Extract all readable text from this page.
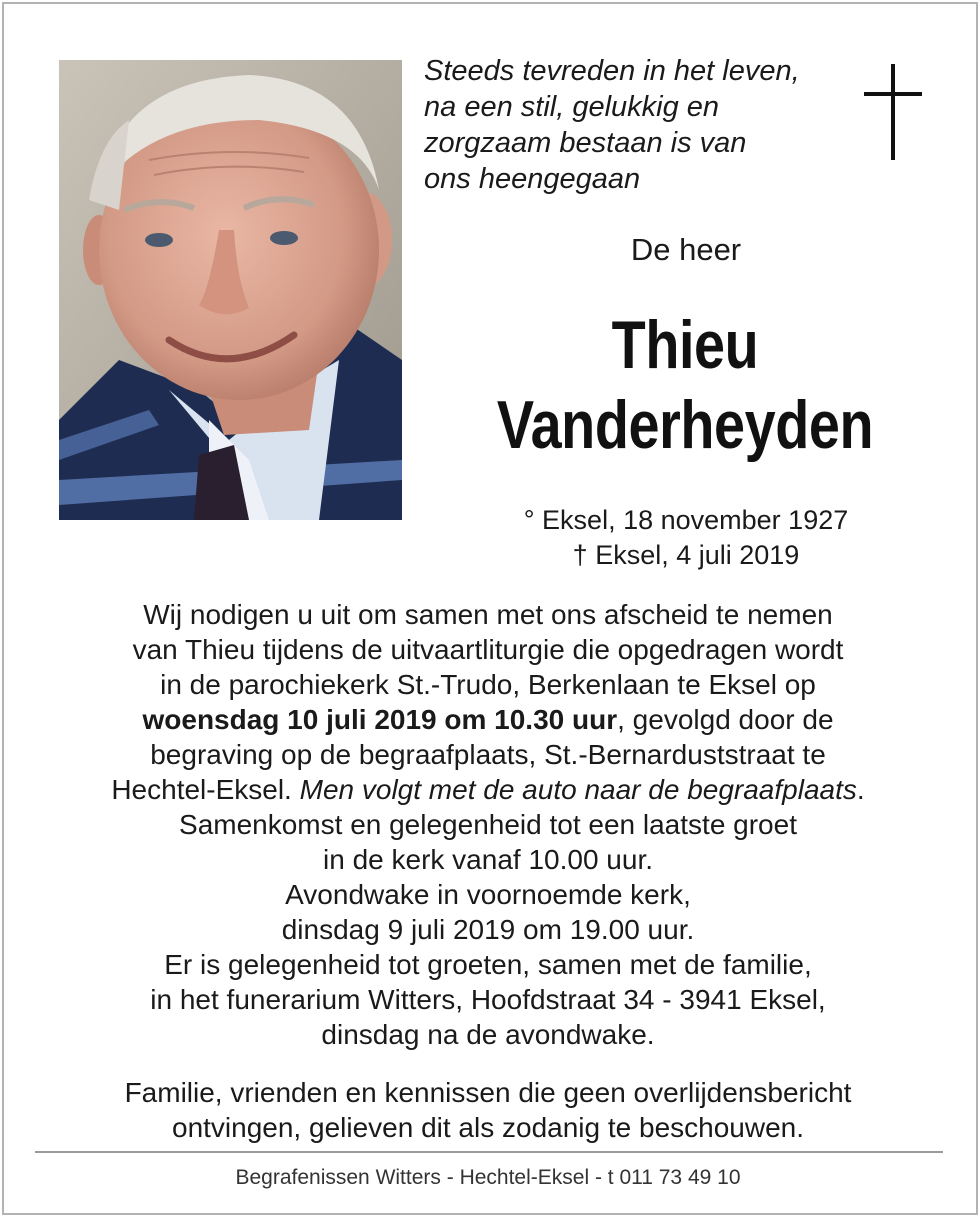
Steeds tevreden in het leven,
na een stil, gelukkig en
zorgzaam bestaan is van
ons heengegaan
De heer
Thieu
Vanderheyden
° Eksel, 18 november 1927
† Eksel, 4 juli 2019
Wij nodigen u uit om samen met ons afscheid te nemen
van Thieu tijdens de uitvaartliturgie die opgedragen wordt
in de parochiekerk St.-Trudo, Berkenlaan te Eksel op
woensdag 10 juli 2019 om 10.30 uur, gevolgd door de
begraving op de begraafplaats, St.-Bernarduststraat te
Hechtel-Eksel. Men volgt met de auto naar de begraafplaats.
Samenkomst en gelegenheid tot een laatste groet
in de kerk vanaf 10.00 uur.
Avondwake in voornoemde kerk,
dinsdag 9 juli 2019 om 19.00 uur.
Er is gelegenheid tot groeten, samen met de familie,
in het funerarium Witters, Hoofdstraat 34 - 3941 Eksel,
dinsdag na de avondwake.
Familie, vrienden en kennissen die geen overlijdensbericht
ontvingen, gelieven dit als zodanig te beschouwen.
Begrafenissen Witters - Hechtel-Eksel - t 011 73 49 10
